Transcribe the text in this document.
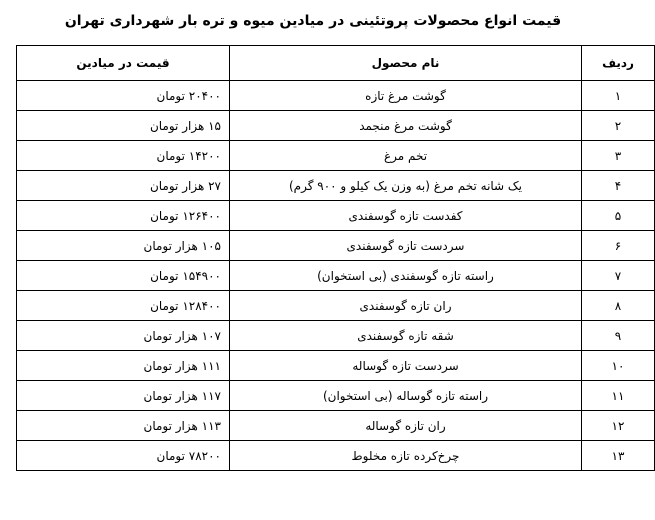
قیمت انواع محصولات پروتئینی در میادین میوه و تره بار شهرداری تهران
ردیف	نام محصول	قیمت در میادین
۱	گوشت مرغ تازه	۲۰۴۰۰ تومان
۲	گوشت مرغ منجمد	۱۵ هزار تومان
۳	تخم مرغ	۱۴۲۰۰ تومان
۴	یک شانه تخم مرغ (به وزن یک کیلو و ۹۰۰ گرم)	۲۷ هزار تومان
۵	کفدست تازه گوسفندی	۱۲۶۴۰۰ تومان
۶	سردست تازه گوسفندی	۱۰۵ هزار تومان
۷	راسته تازه گوسفندی (بی استخوان)	۱۵۴۹۰۰ تومان
۸	ران تازه گوسفندی	۱۲۸۴۰۰ تومان
۹	شقه تازه گوسفندی	۱۰۷ هزار تومان
۱۰	سردست تازه گوساله	۱۱۱ هزار تومان
۱۱	راسته تازه گوساله (بی استخوان)	۱۱۷ هزار تومان
۱۲	ران تازه گوساله	۱۱۳ هزار تومان
۱۳	چرخ‌کرده تازه مخلوط	۷۸۲۰۰ تومان
